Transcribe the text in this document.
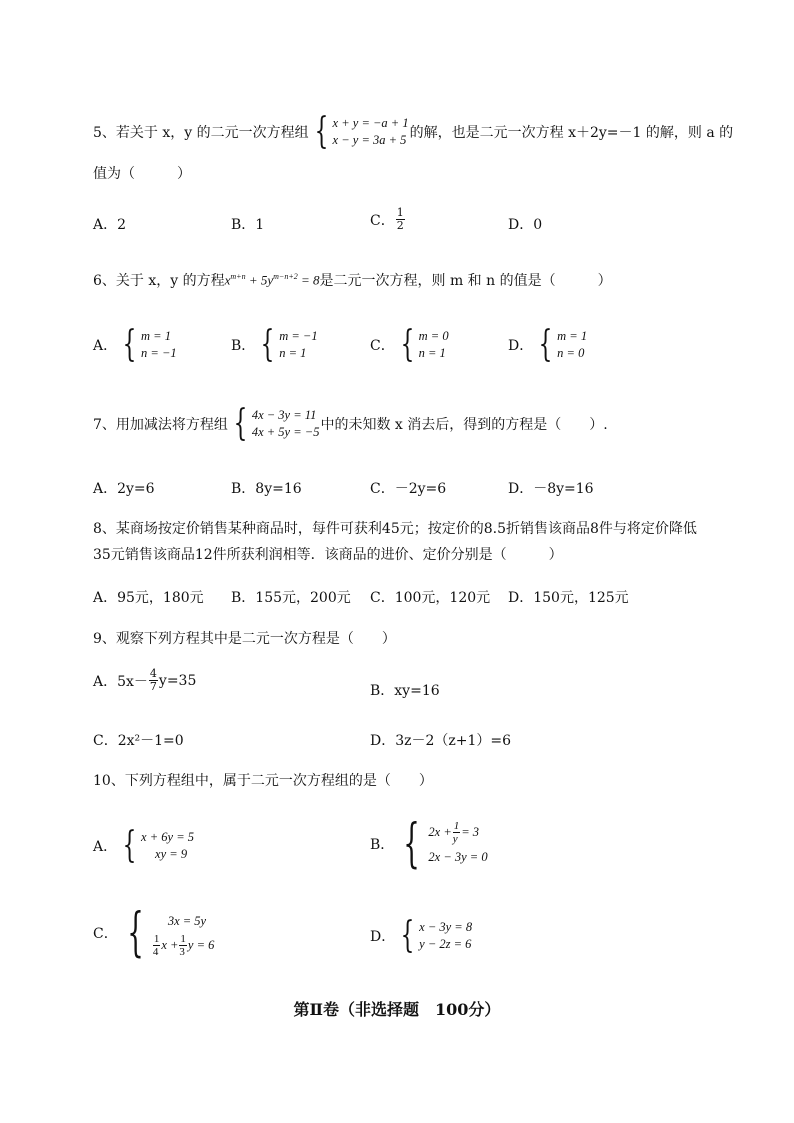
5、若关于 x，y 的二元一次方程组 { x + y = −a + 1
x − y = 3a + 5 的解，也是二元一次方程 x＋2y=－1 的解，则 a 的
值为（　　　）
A．2	B．1	C． $\frac{1}{2}$	D．0
6、关于 x，y 的方程 $x^{m+n} + 5y^{m-n+2} = 8$ 是二元一次方程，则 m 和 n 的值是（　　　）
A． { m = 1
n = −1	B． { m = −1
n = 1	C． { m = 0
n = 1	D． { m = 1
n = 0
7、用加减法将方程组 { 4x − 3y = 11
4x + 5y = −5 中的未知数 x 消去后，得到的方程是（　　）.
A．2y=6	B．8y=16	C．－2y=6	D．－8y=16
8、某商场按定价销售某种商品时，每件可获利45元；按定价的8.5折销售该商品8件与将定价降低
35元销售该商品12件所获利润相等．该商品的进价、定价分别是（　　　）
A．95元，180元 B．155元，200元 C．100元，120元 D．150元，125元
9、观察下列方程其中是二元一次方程是（　　）
A．$5x- \frac{4}{7} y=35$
B．xy=16
C．2x²－1=0	D．3z－2（z+1）=6
10、下列方程组中，属于二元一次方程组的是（　　）
A． { x + 6y = 5
xy = 9
B． { $2x + \frac{1}{y} = 3$
2x − 3y = 0
C． {	3x = 5y
$\frac{1}{4}$ $x + \frac{1}{3}$ y = 6	D． { x − 3y = 8
y − 2z = 6
第Ⅱ卷（非选择题　100分）
